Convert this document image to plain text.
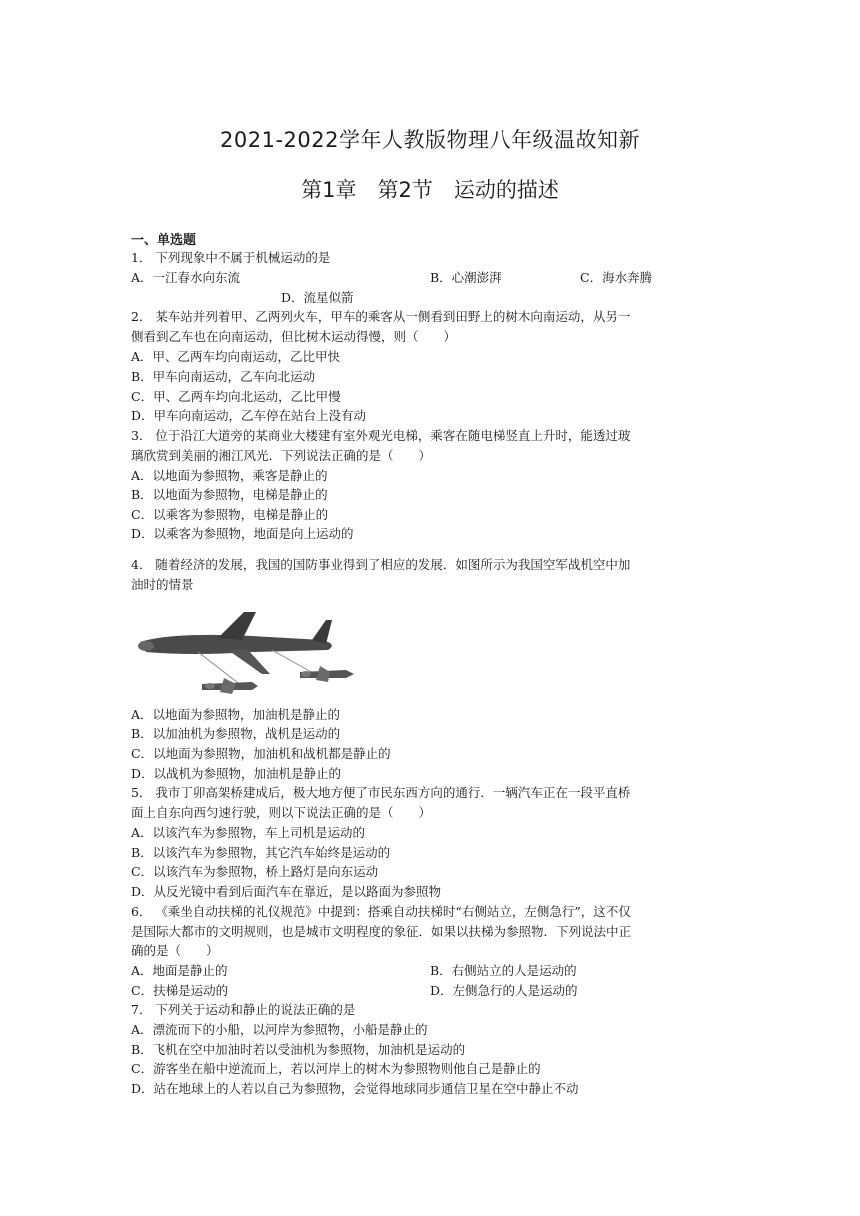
2021-2022学年人教版物理八年级温故知新
第1章　第2节　运动的描述
一、单选题
1． 下列现象中不属于机械运动的是
A．一江春水向东流	B．心潮澎湃	C．海水奔腾
D．流星似箭
2． 某车站并列着甲、乙两列火车，甲车的乘客从一侧看到田野上的树木向南运动，从另一
侧看到乙车也在向南运动，但比树木运动得慢，则（　　）
A．甲、乙两车均向南运动，乙比甲快
B．甲车向南运动，乙车向北运动
C．甲、乙两车均向北运动，乙比甲慢
D．甲车向南运动，乙车停在站台上没有动
3． 位于沿江大道旁的某商业大楼建有室外观光电梯，乘客在随电梯竖直上升时，能透过玻
璃欣赏到美丽的湘江风光．下列说法正确的是（　　）
A．以地面为参照物，乘客是静止的
B．以地面为参照物，电梯是静止的
C．以乘客为参照物，电梯是静止的
D．以乘客为参照物，地面是向上运动的
4． 随着经济的发展，我国的国防事业得到了相应的发展．如图所示为我国空军战机空中加
油时的情景
A．以地面为参照物，加油机是静止的
B．以加油机为参照物，战机是运动的
C．以地面为参照物，加油机和战机都是静止的
D．以战机为参照物，加油机是静止的
5． 我市丁卯高架桥建成后，极大地方便了市民东西方向的通行．一辆汽车正在一段平直桥
面上自东向西匀速行驶，则以下说法正确的是（　　）
A．以该汽车为参照物，车上司机是运动的
B．以该汽车为参照物，其它汽车始终是运动的
C．以该汽车为参照物，桥上路灯是向东运动
D．从反光镜中看到后面汽车在靠近，是以路面为参照物
6． 《乘坐自动扶梯的礼仪规范》中提到：搭乘自动扶梯时“右侧站立，左侧急行”，这不仅
是国际大都市的文明规则，也是城市文明程度的象征．如果以扶梯为参照物．下列说法中正
确的是（　　）
A．地面是静止的	B．右侧站立的人是运动的
C．扶梯是运动的	D．左侧急行的人是运动的
7． 下列关于运动和静止的说法正确的是
A．漂流而下的小船，以河岸为参照物，小船是静止的
B．飞机在空中加油时若以受油机为参照物，加油机是运动的
C．游客坐在船中逆流而上，若以河岸上的树木为参照物则他自己是静止的
D．站在地球上的人若以自己为参照物，会觉得地球同步通信卫星在空中静止不动
